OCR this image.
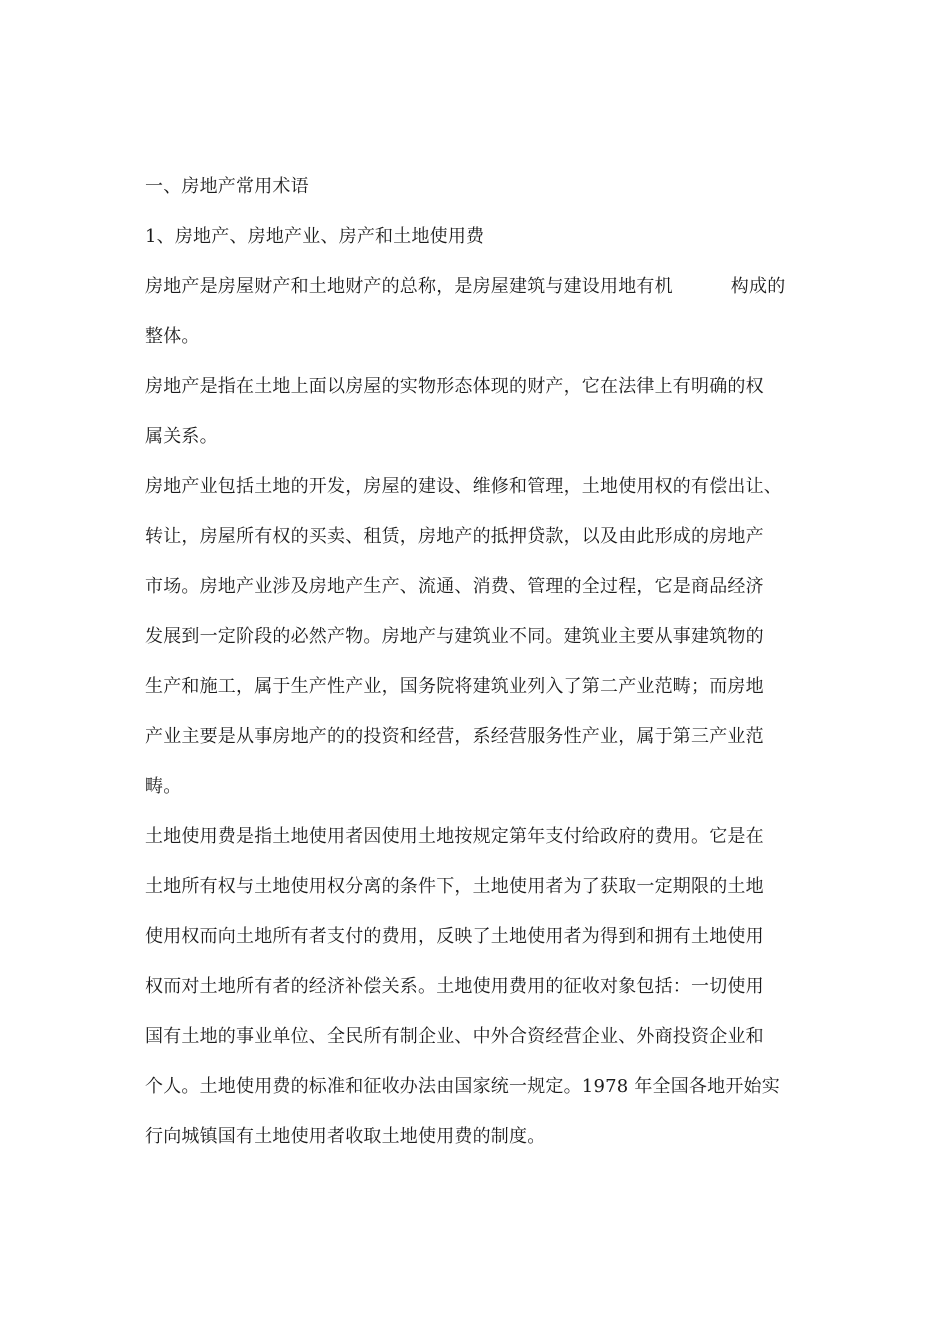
一、房地产常用术语
1、房地产、房地产业、房产和土地使用费
房地产是房屋财产和土地财产的总称，是房屋建筑与建设用地有机	构成的
整体。
房地产是指在土地上面以房屋的实物形态体现的财产，它在法律上有明确的权
属关系。
房地产业包括土地的开发，房屋的建设、维修和管理，土地使用权的有偿出让、
转让，房屋所有权的买卖、租赁，房地产的抵押贷款，以及由此形成的房地产
市场。房地产业涉及房地产生产、流通、消费、管理的全过程，它是商品经济
发展到一定阶段的必然产物。房地产与建筑业不同。建筑业主要从事建筑物的
生产和施工，属于生产性产业，国务院将建筑业列入了第二产业范畴；而房地
产业主要是从事房地产的的投资和经营，系经营服务性产业，属于第三产业范
畴。
土地使用费是指土地使用者因使用土地按规定第年支付给政府的费用。它是在
土地所有权与土地使用权分离的条件下，土地使用者为了获取一定期限的土地
使用权而向土地所有者支付的费用，反映了土地使用者为得到和拥有土地使用
权而对土地所有者的经济补偿关系。土地使用费用的征收对象包括：一切使用
国有土地的事业单位、全民所有制企业、中外合资经营企业、外商投资企业和
个人。土地使用费的标准和征收办法由国家统一规定。1978 年全国各地开始实
行向城镇国有土地使用者收取土地使用费的制度。
